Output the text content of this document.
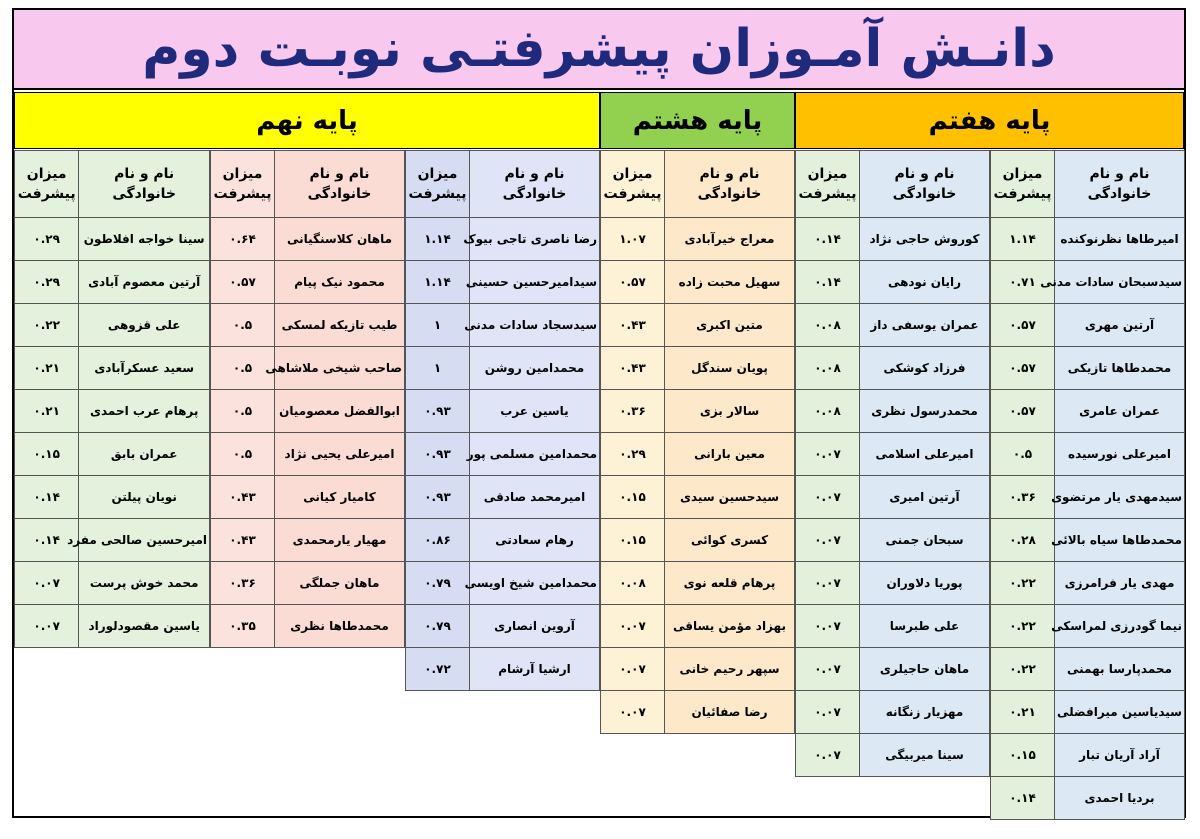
دانـش آمـوزان پیشرفتـی نوبـت دوم
پایه هفتم
پایه هشتم
پایه نهم
نام و نام خانوادگی	میزان پیشرفت
امیرطاها نظرنوکنده	۱.۱۴
سیدسبحان سادات مدنی	۰.۷۱
آرتین مهری	۰.۵۷
محمدطاها تازیکی	۰.۵۷
عمران عامری	۰.۵۷
امیرعلی نورسیده	۰.۵
سیدمهدی یار مرتضوی	۰.۳۶
محمدطاها سیاه بالائی	۰.۲۸
مهدی یار فرامرزی	۰.۲۲
نیما گودرزی لمراسکی	۰.۲۲
محمدپارسا بهمنی	۰.۲۲
سیدیاسین میرافضلی	۰.۲۱
آراد آریان تبار	۰.۱۵
بردیا احمدی	۰.۱۴
نام و نام خانوادگی	میزان پیشرفت
کوروش حاجی نژاد	۰.۱۴
رایان نودهی	۰.۱۴
عمران یوسفی داز	۰.۰۸
فرزاد کوشکی	۰.۰۸
محمدرسول نظری	۰.۰۸
امیرعلی اسلامی	۰.۰۷
آرتین امیری	۰.۰۷
سبحان جمنی	۰.۰۷
پوریا دلاوران	۰.۰۷
علی طبرسا	۰.۰۷
ماهان حاجیلری	۰.۰۷
مهزیار زنگانه	۰.۰۷
سینا میربیگی	۰.۰۷
نام و نام خانوادگی	میزان پیشرفت
معراج خیرآبادی	۱.۰۷
سهیل محبت زاده	۰.۵۷
متین اکبری	۰.۴۳
پویان سندگل	۰.۴۳
سالار بزی	۰.۳۶
معین بارانی	۰.۲۹
سیدحسین سیدی	۰.۱۵
کسری کوائی	۰.۱۵
پرهام قلعه نوی	۰.۰۸
بهزاد مؤمن یساقی	۰.۰۷
سپهر رحیم خانی	۰.۰۷
رضا صفائیان	۰.۰۷
نام و نام خانوادگی	میزان پیشرفت
رضا ناصری تاجی بیوک	۱.۱۴
سیدامیرحسین حسینی	۱.۱۴
سیدسجاد سادات مدنی	۱
محمدامین روشن	۱
یاسین عرب	۰.۹۳
محمدامین مسلمی پور	۰.۹۳
امیرمحمد صادقی	۰.۹۳
رهام سعادتی	۰.۸۶
محمدامین شیخ اویسی	۰.۷۹
آروین انصاری	۰.۷۹
ارشیا آرشام	۰.۷۲
نام و نام خانوادگی	میزان پیشرفت
ماهان کلاسنگیانی	۰.۶۴
محمود نیک پیام	۰.۵۷
طیب تازیکه لمسکی	۰.۵
صاحب شیخی ملاشاهی	۰.۵
ابوالفضل معصومیان	۰.۵
امیرعلی یحیی نژاد	۰.۵
کامیار کیانی	۰.۴۳
مهیار یارمحمدی	۰.۴۳
ماهان جملگی	۰.۳۶
محمدطاها نظری	۰.۳۵
نام و نام خانوادگی	میزان پیشرفت
سینا خواجه افلاطون	۰.۲۹
آرتین معصوم آبادی	۰.۲۹
علی قزوهی	۰.۲۲
سعید عسکرآبادی	۰.۲۱
پرهام عرب احمدی	۰.۲۱
عمران بابق	۰.۱۵
نویان پیلتن	۰.۱۴
امیرحسین صالحی مفرد	۰.۱۴
محمد خوش پرست	۰.۰۷
یاسین مقصودلوراد	۰.۰۷
